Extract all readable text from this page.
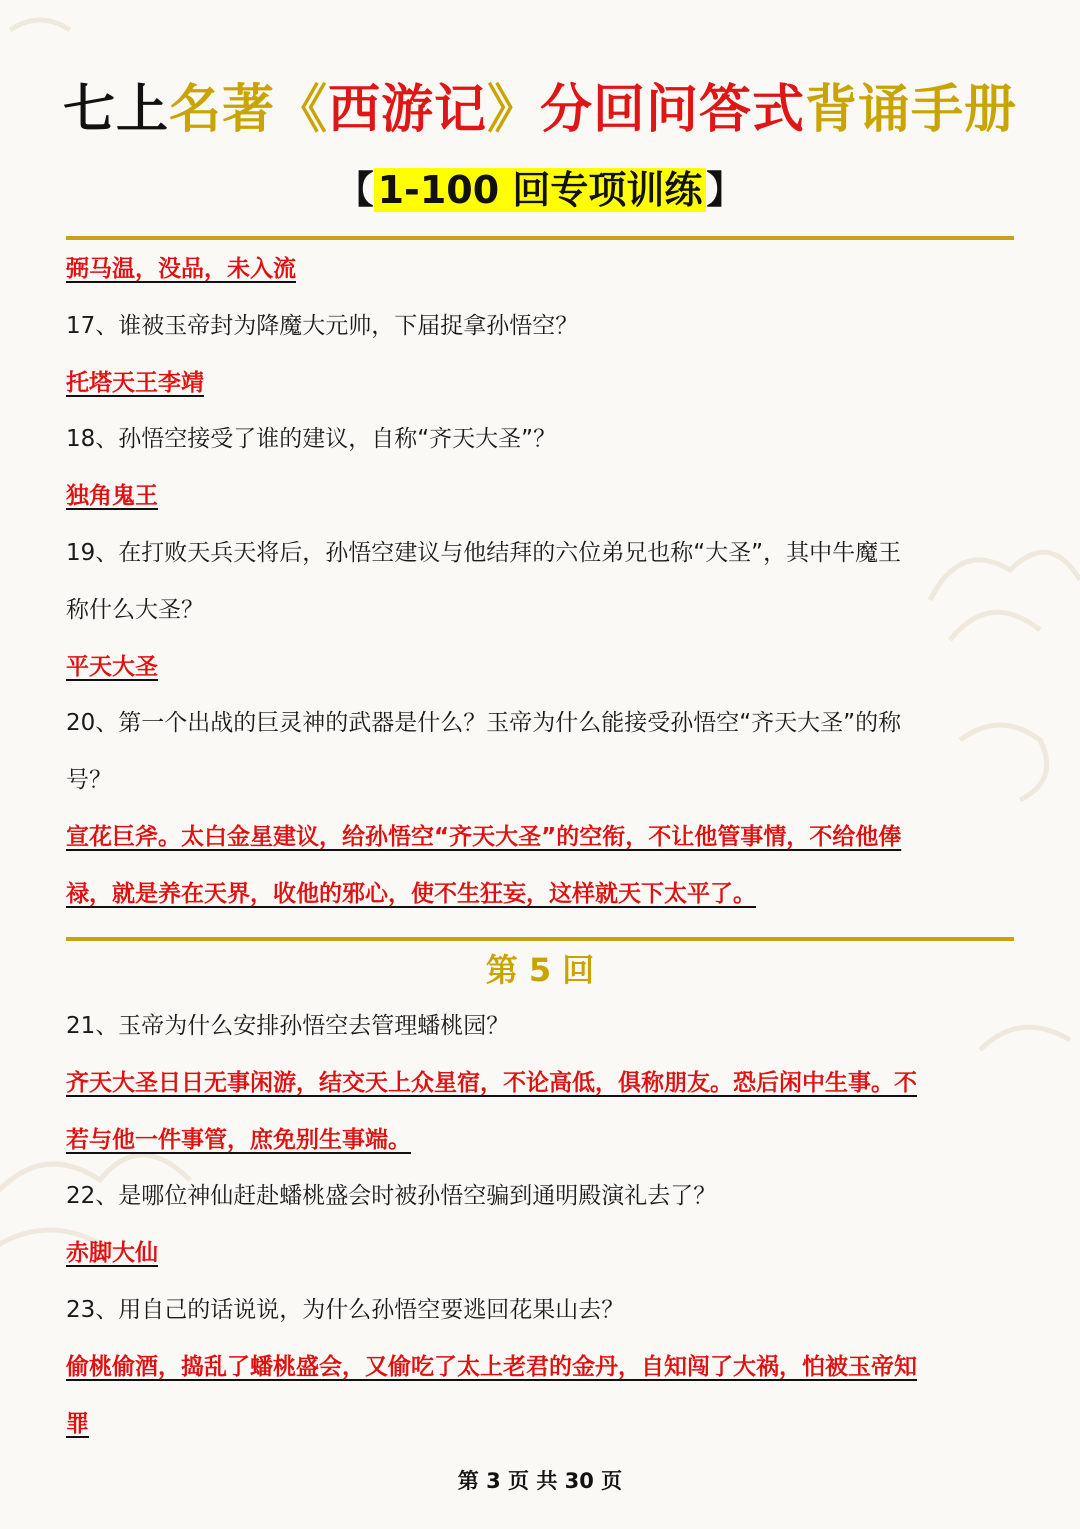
七上名著《西游记》分回问答式背诵手册
【 1-100 回专项训练 】
弼马温，没品，未入流
17、谁被玉帝封为降魔大元帅，下届捉拿孙悟空？
托塔天王李靖
18、孙悟空接受了谁的建议，自称“齐天大圣”？
独角鬼王
19、在打败天兵天将后，孙悟空建议与他结拜的六位弟兄也称“大圣”，其中牛魔王
称什么大圣？
平天大圣
20、第一个出战的巨灵神的武器是什么？玉帝为什么能接受孙悟空“齐天大圣”的称
号？
宣花巨斧。太白金星建议，给孙悟空“齐天大圣”的空衔，不让他管事情，不给他俸
禄，就是养在天界，收他的邪心，使不生狂妄，这样就天下太平了。
第 5 回
21、玉帝为什么安排孙悟空去管理蟠桃园？
齐天大圣日日无事闲游，结交天上众星宿，不论高低，俱称朋友。恐后闲中生事。不
若与他一件事管，庶免别生事端。
22、是哪位神仙赶赴蟠桃盛会时被孙悟空骗到通明殿演礼去了？
赤脚大仙
23、用自己的话说说，为什么孙悟空要逃回花果山去？
偷桃偷酒，捣乱了蟠桃盛会，又偷吃了太上老君的金丹，自知闯了大祸，怕被玉帝知
罪
第 3 页 共 30 页
